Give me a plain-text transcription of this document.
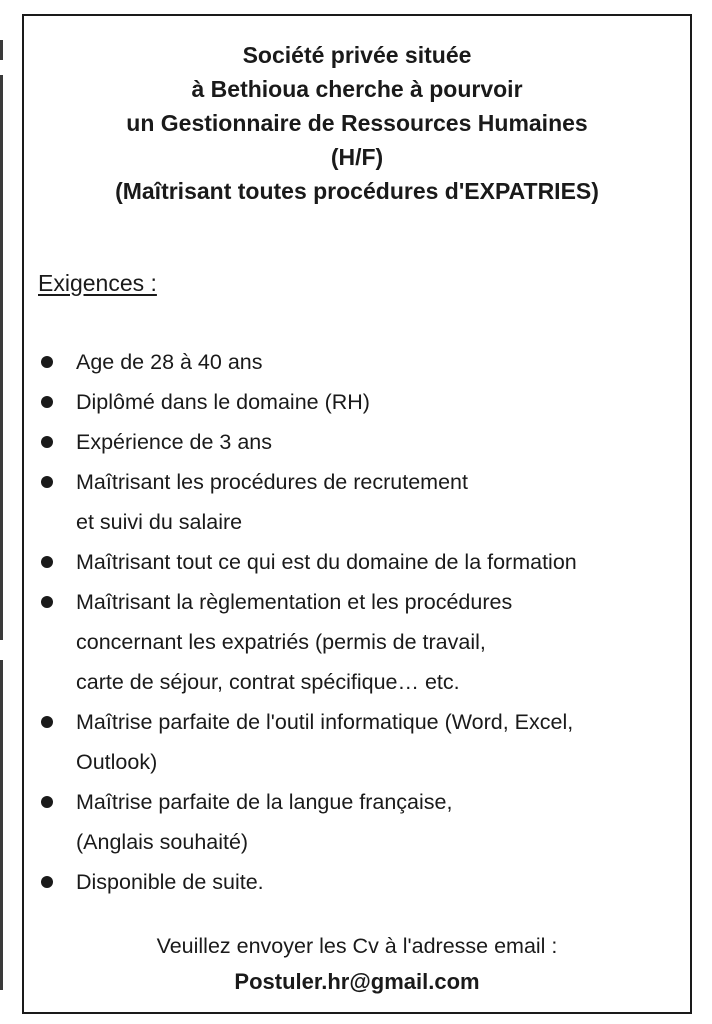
Société privée située
à Bethioua cherche à pourvoir
un Gestionnaire de Ressources Humaines
(H/F)
(Maîtrisant toutes procédures d'EXPATRIES)
Exigences :
Age de 28 à 40 ans
Diplômé dans le domaine (RH)
Expérience de 3 ans
Maîtrisant les procédures de recrutement
et suivi du salaire
Maîtrisant tout ce qui est du domaine de la formation
Maîtrisant la règlementation et les procédures
concernant les expatriés (permis de travail,
carte de séjour, contrat spécifique… etc.
Maîtrise parfaite de l'outil informatique (Word, Excel,
Outlook)
Maîtrise parfaite de la langue française,
(Anglais souhaité)
Disponible de suite.
Veuillez envoyer les Cv à l'adresse email :
Postuler.hr@gmail.com
